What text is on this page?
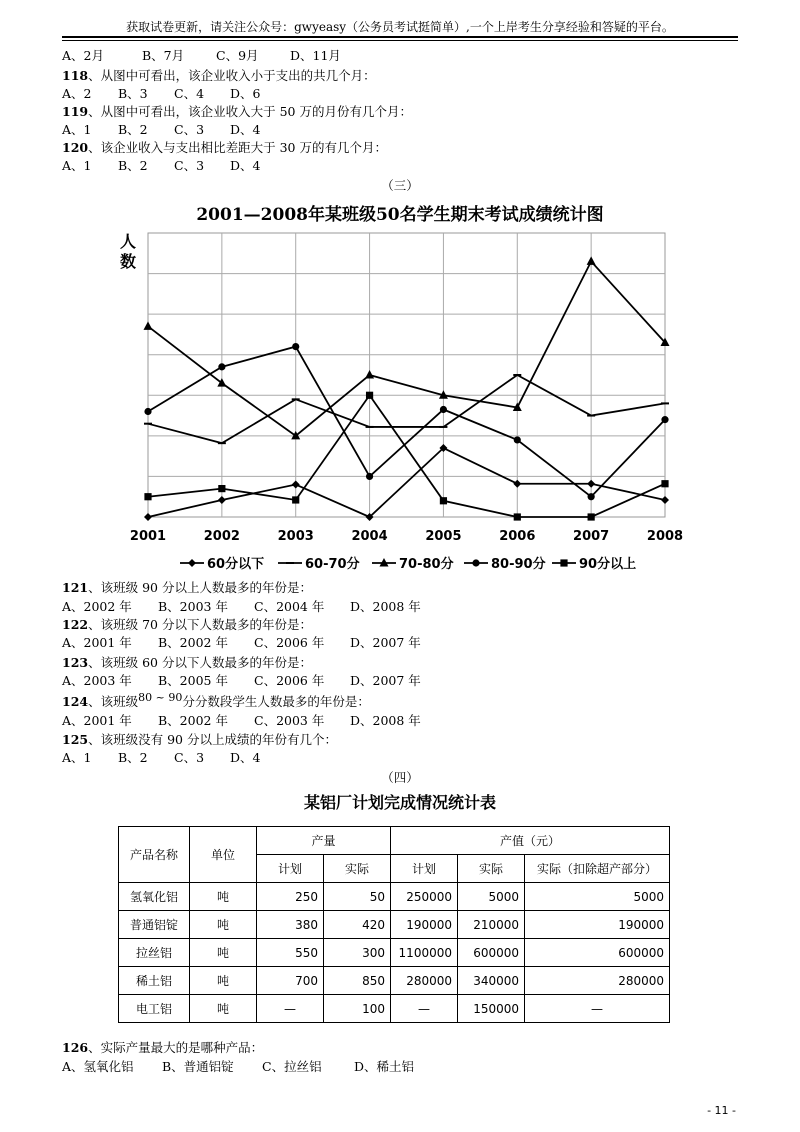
获取试卷更新，请关注公众号：gwyeasy（公务员考试挺简单）,一个上岸考生分享经验和答疑的平台。
A、2月	B、7月	C、9月	D、11月
118、从图中可看出，该企业收入小于支出的共几个月：
A、2 B、3 C、4 D、6
119、从图中可看出，该企业收入大于 50 万的月份有几个月：
A、1 B、2 C、3 D、4
120、该企业收入与支出相比差距大于 30 万的有几个月：
A、1 B、2 C、3 D、4
（三）
2001—2008年某班级50名学生期末考试成绩统计图
2001	2002	2003	2004	2005	2006	2007	2008
60分以下	60-70分	70-80分	80-90分	90分以上
人
数
121、该班级 90 分以上人数最多的年份是：
A、2002 年 B、2003 年 C、2004 年 D、2008 年
122、该班级 70 分以下人数最多的年份是：
A、2001 年 B、2002 年 C、2006 年 D、2007 年
123、该班级 60 分以下人数最多的年份是：
A、2003 年 B、2005 年 C、2006 年 D、2007 年
124、该班级80 ~ 90分分数段学生人数最多的年份是：
A、2001 年 B、2002 年 C、2003 年 D、2008 年
125、该班级没有 90 分以上成绩的年份有几个：
A、1 B、2 C、3 D、4
（四）
某铝厂计划完成情况统计表
产品名称	单位	产量		产值（元）		
		计划	实际	计划	实际	实际（扣除超产部分）
氢氧化铝	吨	250	50	250000	5000	5000
普通铝锭	吨	380	420	190000	210000	190000
拉丝铝	吨	550	300	1100000	600000	600000
稀土铝	吨	700	850	280000	340000	280000
电工铝	吨	—	100	—	150000	—
126、实际产量最大的是哪种产品：
A、氢氧化铝 B、普通铝锭 C、拉丝铝	D、稀土铝
- 11 -
